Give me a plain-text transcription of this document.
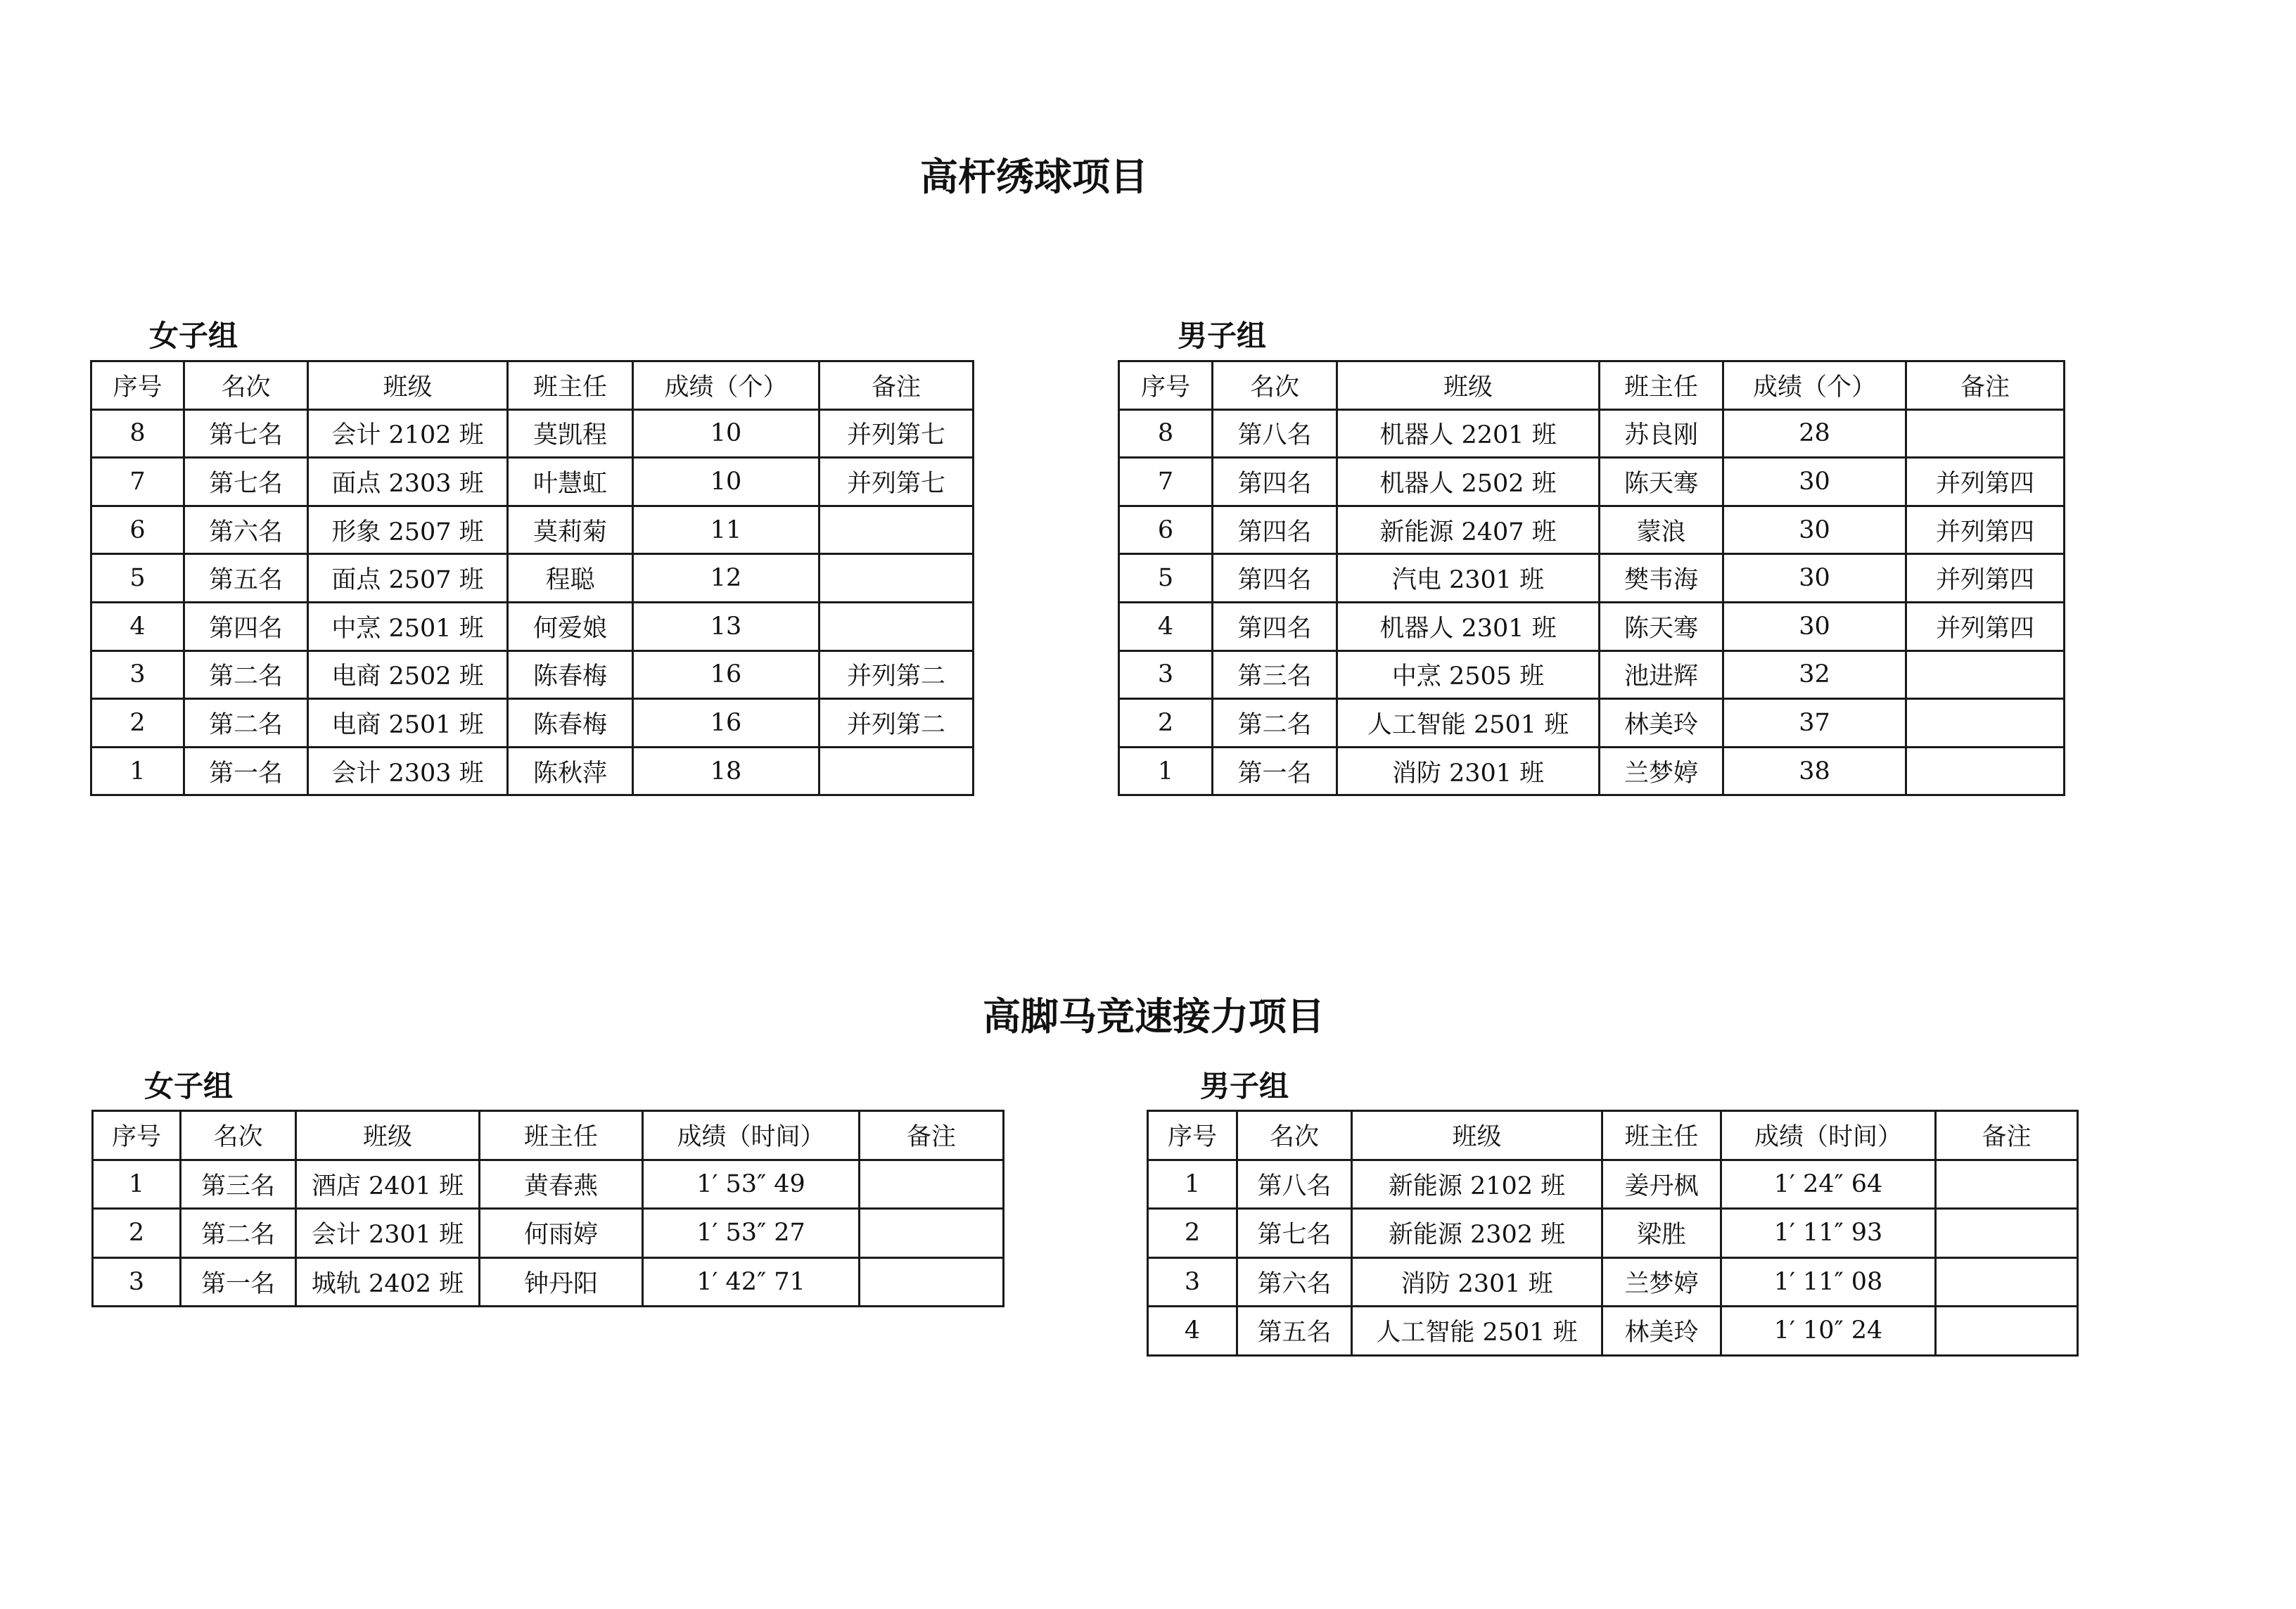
高杆绣球项目
女子组	男子组
序号	名次	班级	班主任	成绩（个）	备注
8	第七名	会计 2102 班	莫凯程	10	并列第七
7	第七名	面点 2303 班	叶慧虹	10	并列第七
6	第六名	形象 2507 班	莫莉菊	11	
5	第五名	面点 2507 班	程聪	12	
4	第四名	中烹 2501 班	何爱娘	13	
3	第二名	电商 2502 班	陈春梅	16	并列第二
2	第二名	电商 2501 班	陈春梅	16	并列第二
1	第一名	会计 2303 班	陈秋萍	18	
序号	名次	班级	班主任	成绩（个）	备注
8	第八名	机器人 2201 班	苏良刚	28	
7	第四名	机器人 2502 班	陈天骞	30	并列第四
6	第四名	新能源 2407 班	蒙浪	30	并列第四
5	第四名	汽电 2301 班	樊韦海	30	并列第四
4	第四名	机器人 2301 班	陈天骞	30	并列第四
3	第三名	中烹 2505 班	池进辉	32	
2	第二名	人工智能 2501 班	林美玲	37	
1	第一名	消防 2301 班	兰梦婷	38	
高脚马竞速接力项目
女子组	男子组
序号	名次	班级	班主任	成绩（时间）	备注
1	第三名	酒店 2401 班	黄春燕	1′ 53″ 49	
2	第二名	会计 2301 班	何雨婷	1′ 53″ 27	
3	第一名	城轨 2402 班	钟丹阳	1′ 42″ 71	
序号	名次	班级	班主任	成绩（时间）	备注
1	第八名	新能源 2102 班	姜丹枫	1′ 24″ 64	
2	第七名	新能源 2302 班	梁胜	1′ 11″ 93	
3	第六名	消防 2301 班	兰梦婷	1′ 11″ 08	
4	第五名	人工智能 2501 班	林美玲	1′ 10″ 24	
